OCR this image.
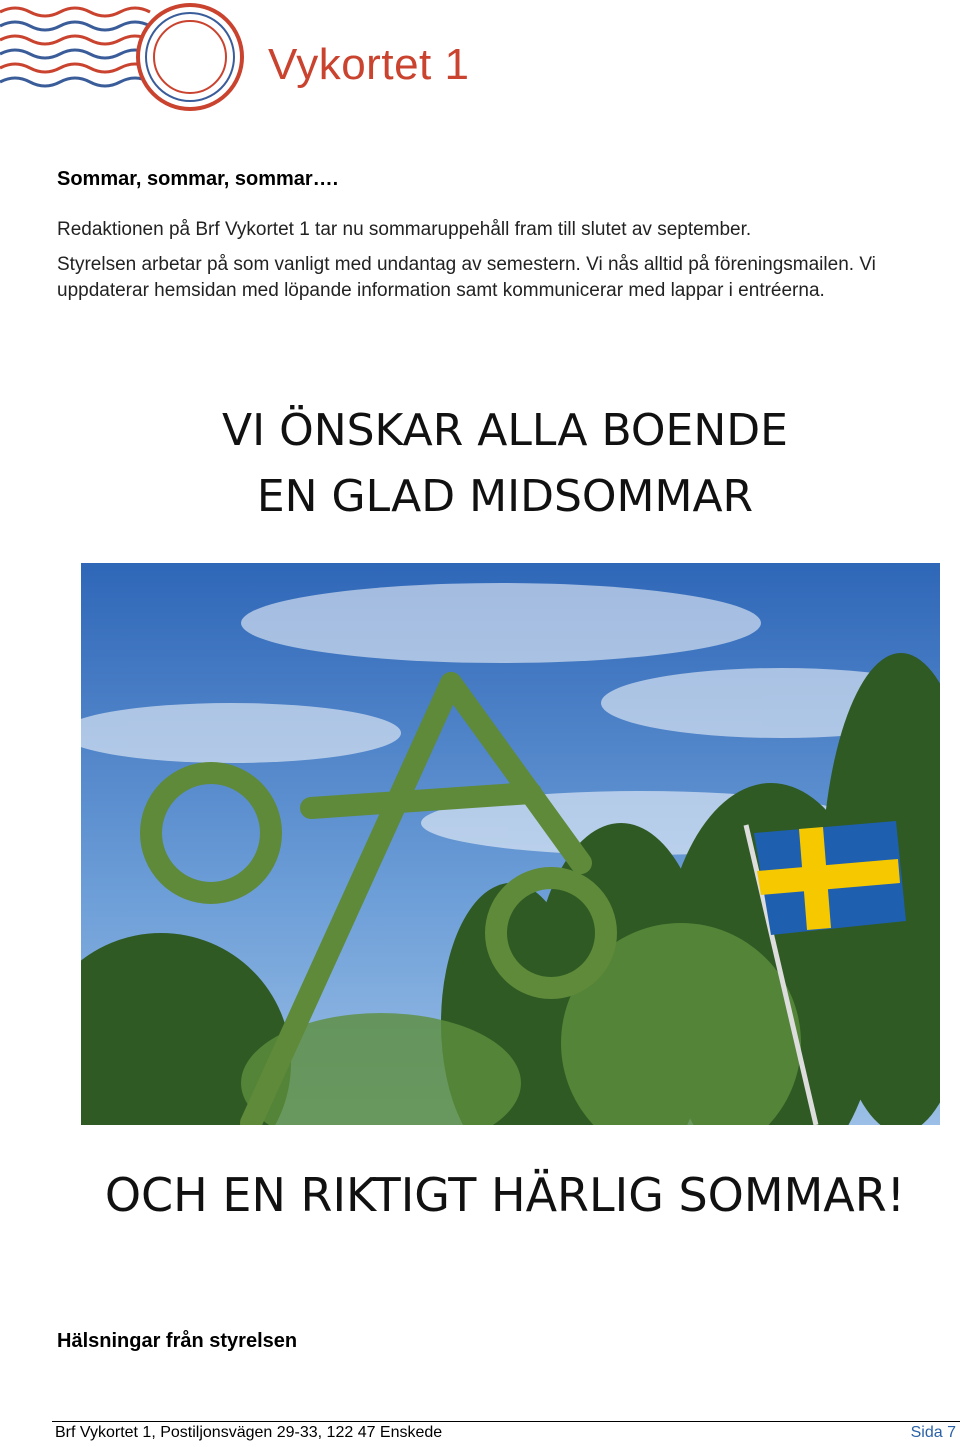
Vykortet 1
Sommar, sommar, sommar….

Redaktionen på Brf Vykortet 1 tar nu sommaruppehåll fram till slutet av september.

Styrelsen arbetar på som vanligt med undantag av semestern. Vi nås alltid på föreningsmailen. Vi uppdaterar hemsidan med löpande information samt kommunicerar med lappar i entréerna.

VI ÖNSKAR ALLA BOENDE
EN GLAD MIDSOMMAR
OCH EN RIKTIGT HÄRLIG SOMMAR!
Hälsningar från styrelsen
Brf Vykortet 1, Postiljonsvägen 29-33, 122 47 Enskede	Sida 7
